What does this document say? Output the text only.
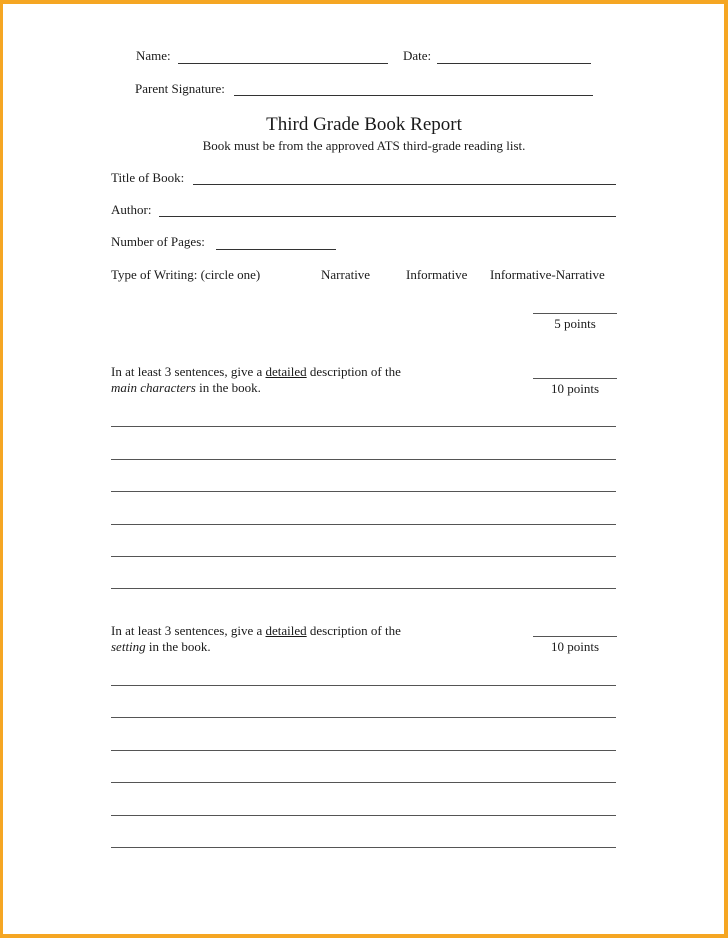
Name:	Date:
Parent Signature:
Third Grade Book Report
Book must be from the approved ATS third-grade reading list.
Title of Book:
Author:
Number of Pages:
Type of Writing: (circle one)	Narrative	Informative Informative-Narrative
5 points
In at least 3 sentences, give a detailed description of the
main characters in the book.	10 points
In at least 3 sentences, give a detailed description of the
setting in the book.	10 points
